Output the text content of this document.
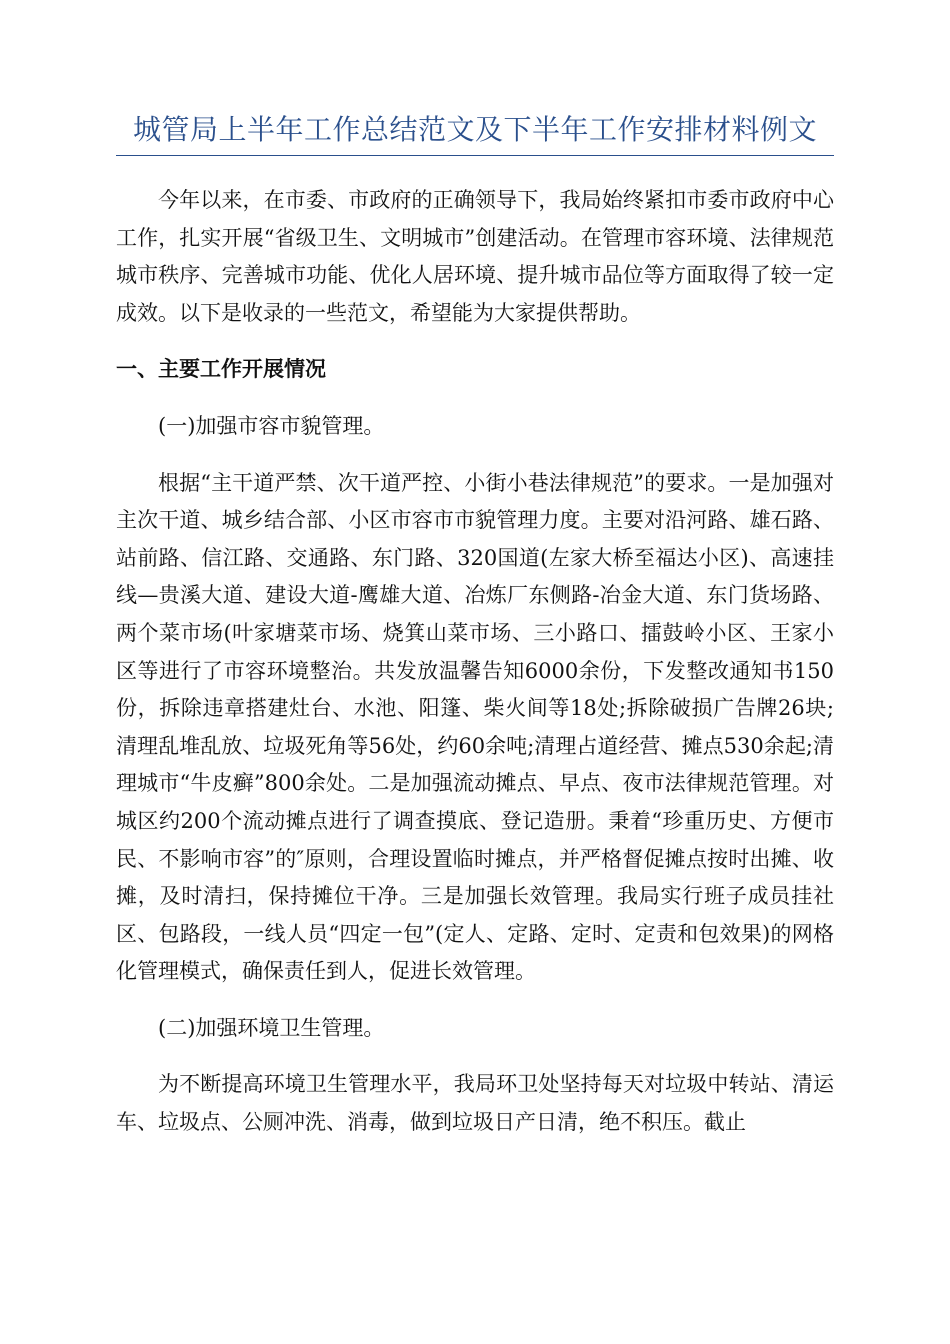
城管局上半年工作总结范文及下半年工作安排材料例文

今年以来，在市委、市政府的正确领导下，我局始终紧扣市委市政府中心工作，扎实开展“省级卫生、文明城市”创建活动。在管理市容环境、法律规范城市秩序、完善城市功能、优化人居环境、提升城市品位等方面取得了较一定成效。以下是收录的一些范文，希望能为大家提供帮助。

一、主要工作开展情况

(一)加强市容市貌管理。

根据“主干道严禁、次干道严控、小街小巷法律规范”的要求。一是加强对主次干道、城乡结合部、小区市容市市貌管理力度。主要对沿河路、雄石路、站前路、信江路、交通路、东门路、320国道(左家大桥至福达小区)、高速挂线—贵溪大道、建设大道-鹰雄大道、冶炼厂东侧路-冶金大道、东门货场路、两个菜市场(叶家塘菜市场、烧箕山菜市场、三小路口、擂鼓岭小区、王家小区等进行了市容环境整治。共发放温馨告知6000余份，下发整改通知书150份，拆除违章搭建灶台、水池、阳篷、柴火间等18处;拆除破损广告牌26块;清理乱堆乱放、垃圾死角等56处，约60余吨;清理占道经营、摊点530余起;清理城市“牛皮癣”800余处。二是加强流动摊点、早点、夜市法律规范管理。对城区约200个流动摊点进行了调查摸底、登记造册。秉着“珍重历史、方便市民、不影响市容”的″原则，合理设置临时摊点，并严格督促摊点按时出摊、收摊，及时清扫，保持摊位干净。三是加强长效管理。我局实行班子成员挂社区、包路段，一线人员“四定一包”(定人、定路、定时、定责和包效果)的网格化管理模式，确保责任到人，促进长效管理。

(二)加强环境卫生管理。

为不断提高环境卫生管理水平，我局环卫处坚持每天对垃圾中转站、清运车、垃圾点、公厕冲洗、消毒，做到垃圾日产日清，绝不积压。截止
